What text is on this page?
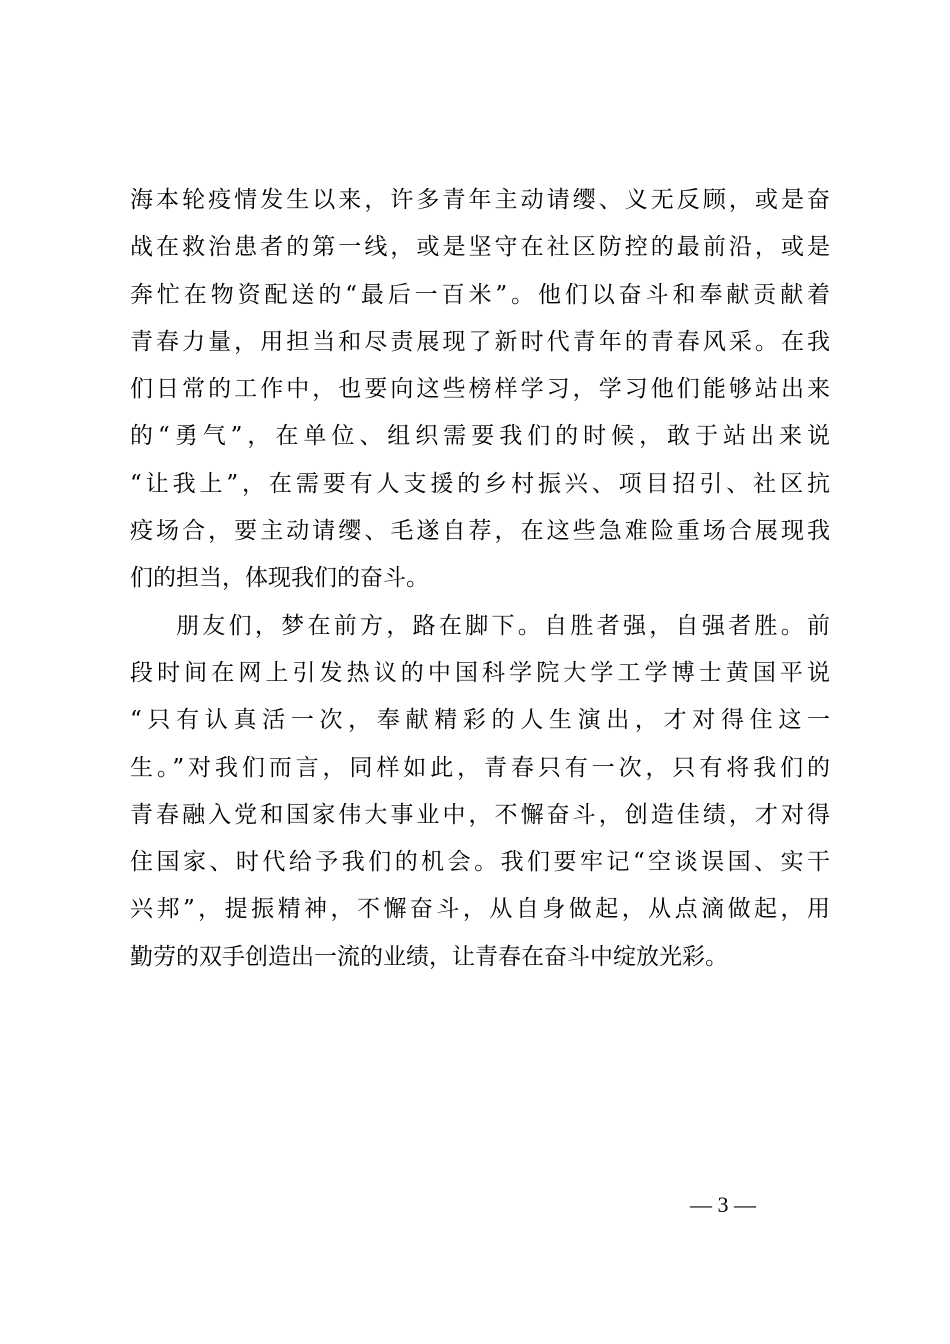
海本轮疫情发生以来，许多青年主动请缨、义无反顾，或是奋
战在救治患者的第一线，或是坚守在社区防控的最前沿，或是
奔忙在物资配送的“最后一百米”。他们以奋斗和奉献贡献着
青春力量，用担当和尽责展现了新时代青年的青春风采。在我
们日常的工作中，也要向这些榜样学习，学习他们能够站出来
的“勇气”，在单位、组织需要我们的时候，敢于站出来说
“让我上”，在需要有人支援的乡村振兴、项目招引、社区抗
疫场合，要主动请缨、毛遂自荐，在这些急难险重场合展现我
们的担当，体现我们的奋斗。
朋友们，梦在前方，路在脚下。自胜者强，自强者胜。前
段时间在网上引发热议的中国科学院大学工学博士黄国平说
“只有认真活一次，奉献精彩的人生演出，才对得住这一
生。”对我们而言，同样如此，青春只有一次，只有将我们的
青春融入党和国家伟大事业中，不懈奋斗，创造佳绩，才对得
住国家、时代给予我们的机会。我们要牢记“空谈误国、实干
兴邦”，提振精神，不懈奋斗，从自身做起，从点滴做起，用
勤劳的双手创造出一流的业绩，让青春在奋斗中绽放光彩。
— 3 —
